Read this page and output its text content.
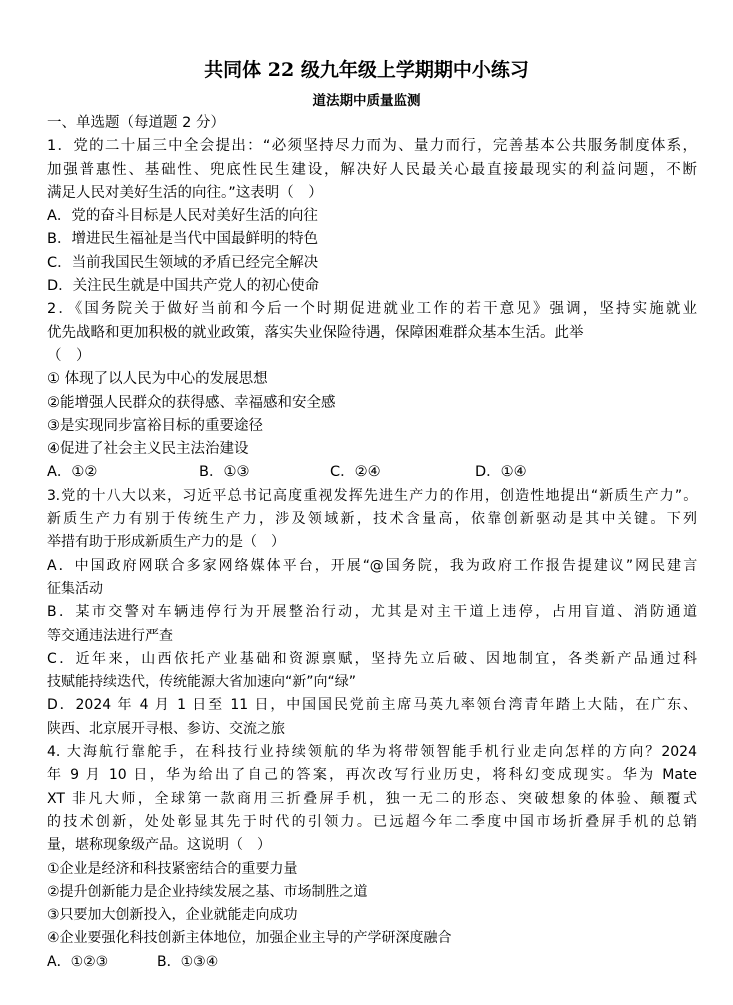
共同体 22 级九年级上学期期中小练习
道法期中质量监测
一、单选题（每道题 2 分）
1．党的二十届三中全会提出：“必须坚持尽力而为、量力而行，完善基本公共服务制度体系，
加强普惠性、基础性、兜底性民生建设，解决好人民最关心最直接最现实的利益问题，不断
满足人民对美好生活的向往。”这表明（　）
A．党的奋斗目标是人民对美好生活的向往
B．增进民生福祉是当代中国最鲜明的特色
C．当前我国民生领域的矛盾已经完全解决
D．关注民生就是中国共产党人的初心使命
2．《国务院关于做好当前和今后一个时期促进就业工作的若干意见》强调，坚持实施就业
优先战略和更加积极的就业政策，落实失业保险待遇，保障困难群众基本生活。此举
（　）
① 体现了以人民为中心的发展思想
②能增强人民群众的获得感、幸福感和安全感
③是实现同步富裕目标的重要途径
④促进了社会主义民主法治建设
A．①②	B．①③	C．②④	D．①④
3.党的十八大以来，习近平总书记高度重视发挥先进生产力的作用，创造性地提出“新质生产力”。
新质生产力有别于传统生产力，涉及领域新，技术含量高，依靠创新驱动是其中关键。下列
举措有助于形成新质生产力的是（　）
A．中国政府网联合多家网络媒体平台，开展“@国务院，我为政府工作报告提建议”网民建言
征集活动
B．某市交警对车辆违停行为开展整治行动，尤其是对主干道上违停，占用盲道、消防通道
等交通违法进行严查
C．近年来，山西依托产业基础和资源禀赋，坚持先立后破、因地制宜，各类新产品通过科
技赋能持续迭代，传统能源大省加速向“新”向“绿”
D．2024 年 4 月 1 日至 11 日，中国国民党前主席马英九率领台湾青年踏上大陆，在广东、
陕西、北京展开寻根、参访、交流之旅
4. 大海航行靠舵手，在科技行业持续领航的华为将带领智能手机行业走向怎样的方向？2024
年 9 月 10 日，华为给出了自己的答案，再次改写行业历史，将科幻变成现实。华为 Mate
XT 非凡大师，全球第一款商用三折叠屏手机，独一无二的形态、突破想象的体验、颠覆式
的技术创新，处处彰显其先于时代的引领力。已远超今年二季度中国市场折叠屏手机的总销
量，堪称现象级产品。这说明（　）
①企业是经济和科技紧密结合的重要力量
②提升创新能力是企业持续发展之基、市场制胜之道
③只要加大创新投入，企业就能走向成功
④企业要强化科技创新主体地位，加强企业主导的产学研深度融合
A．①②③	B．①③④
